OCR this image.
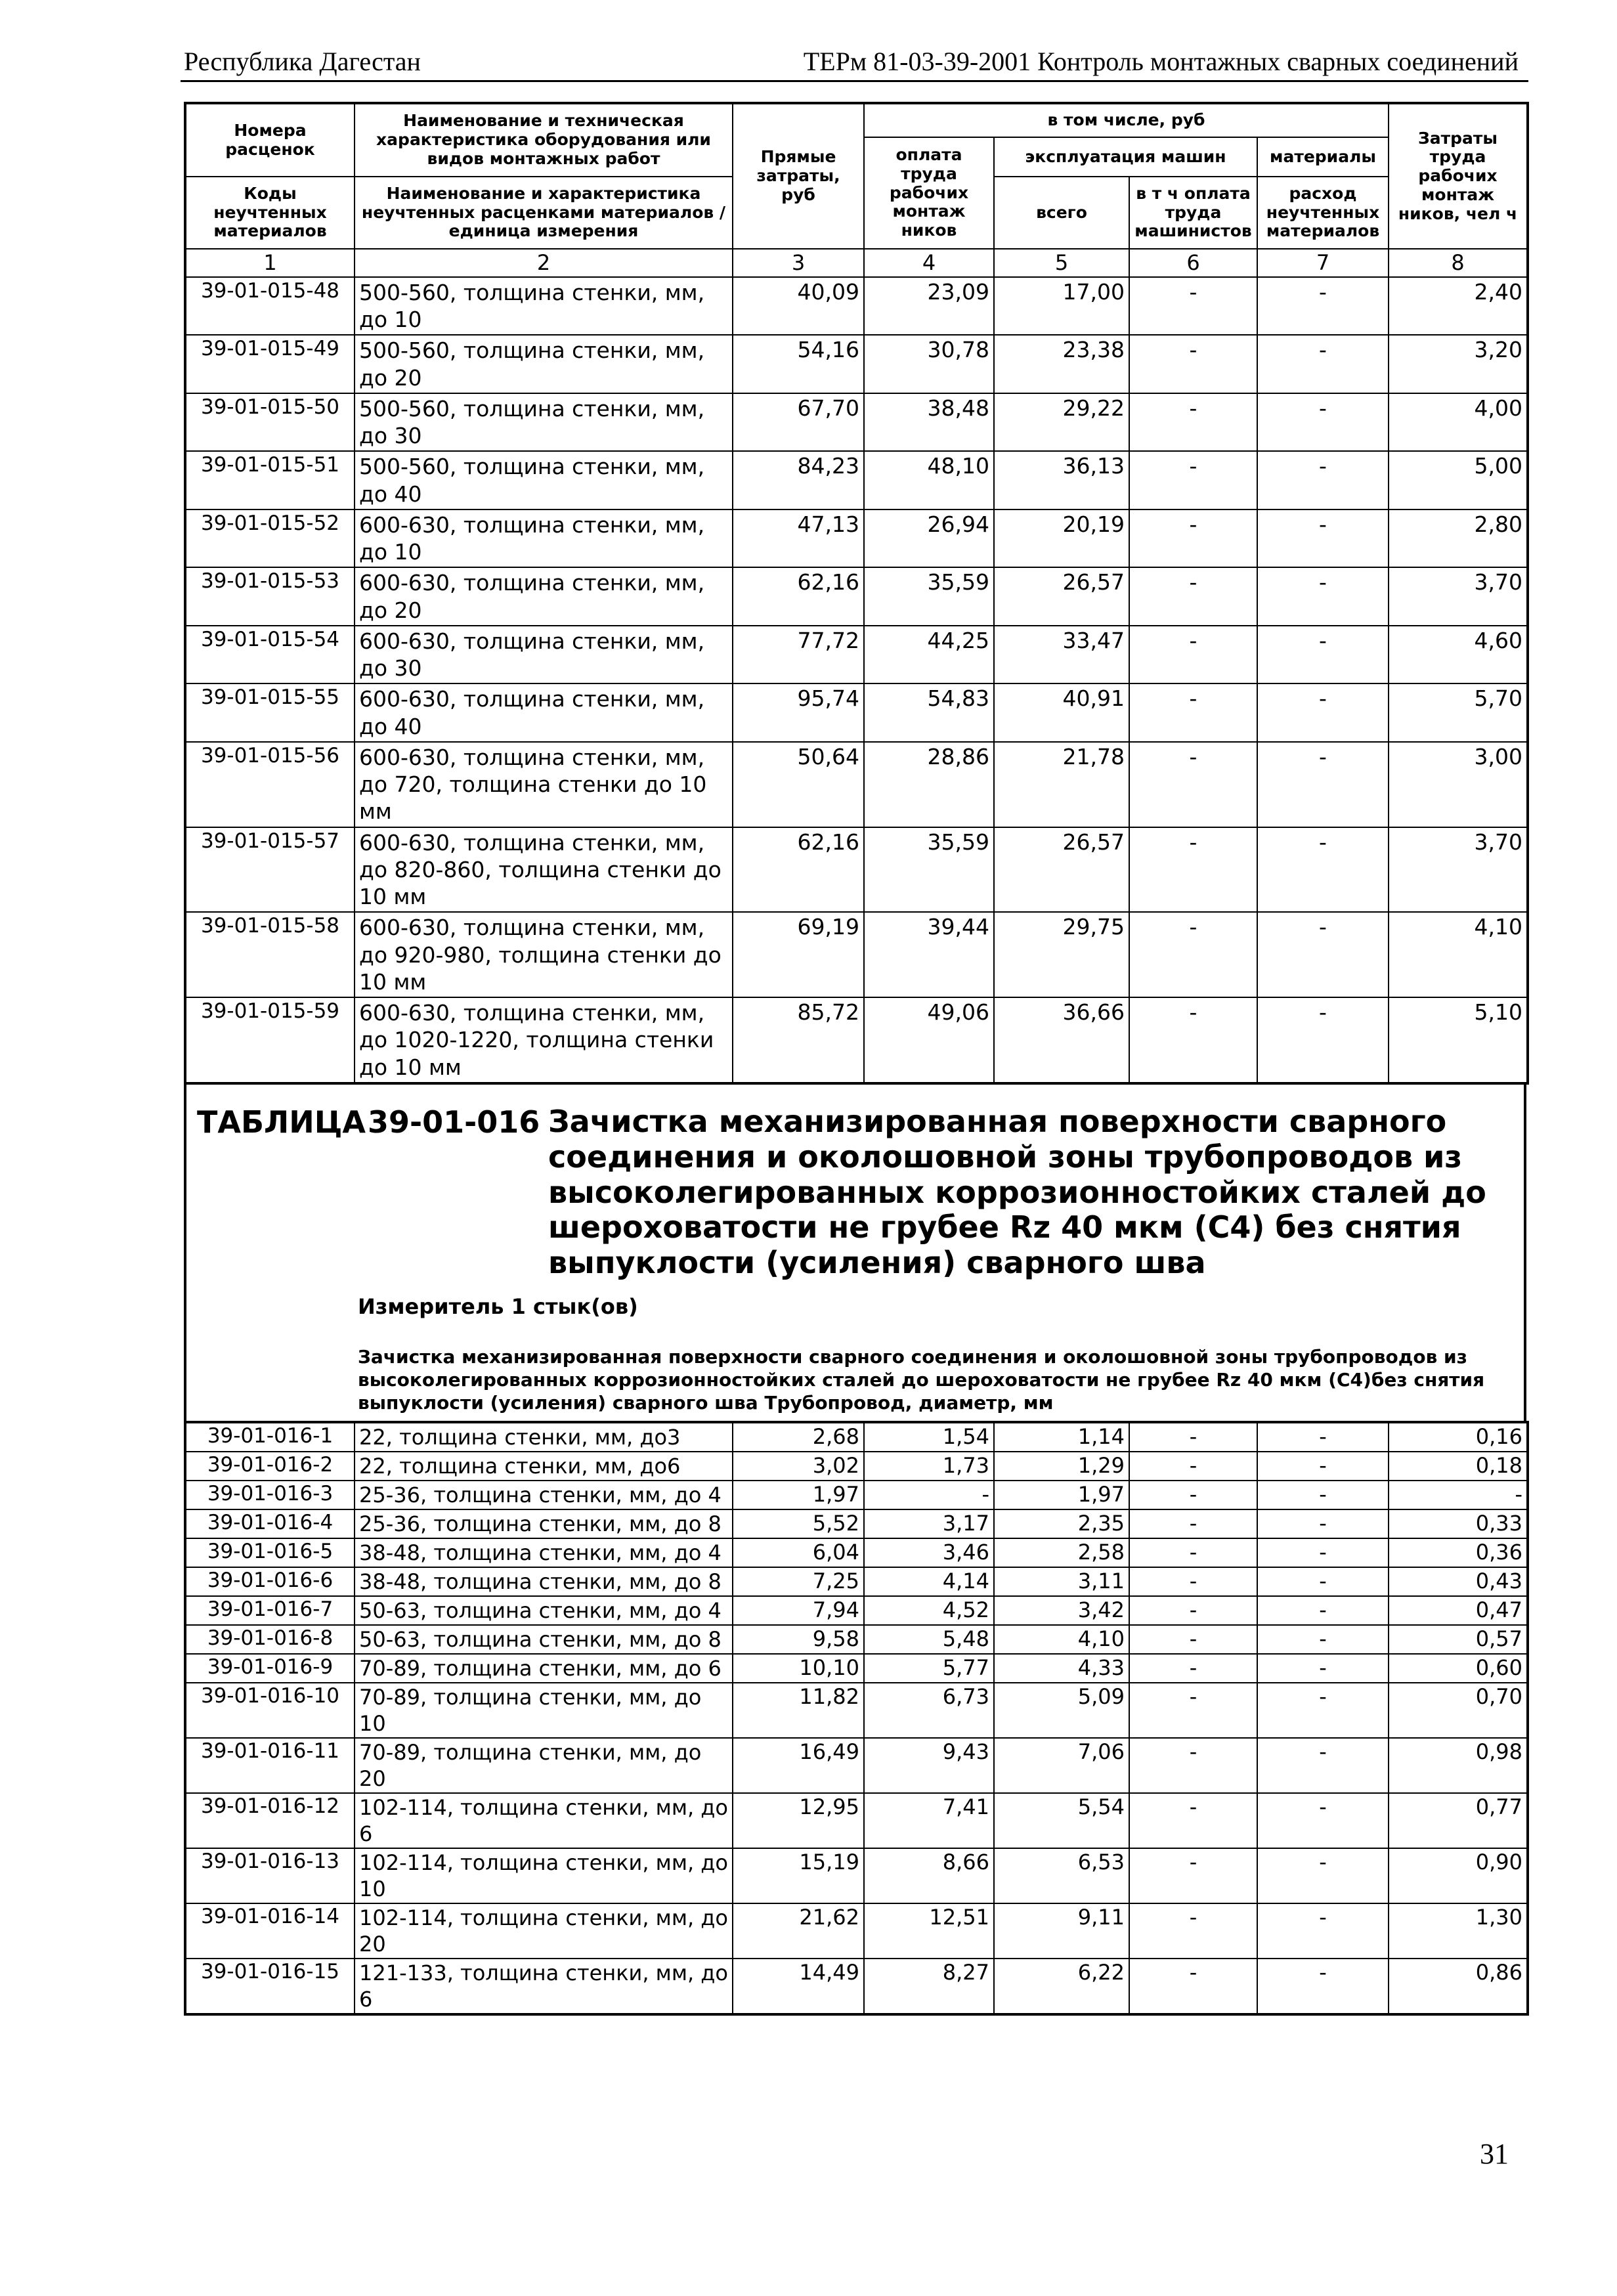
Республика Дагестан	ТЕРм 81-03-39-2001 Контроль монтажных сварных соединений
Номера расценок	Наименование и техническая характеристика оборудования или видов монтажных работ	Прямые затраты, руб	в том числе, руб				Затраты труда рабочих монтаж ников, чел ч
			оплата труда рабочих монтаж ников	эксплуатация машин		материалы	
Коды неучтенных материалов	Наименование и характеристика неучтенных расценками материалов / единица измерения			всего	в т ч оплата труда машинистов	расход неучтенных материалов	

1	2	3	4	5	6	7	8
39-01-015-48	500-560, толщина стенки, мм, до 10	40,09	23,09	17,00	-	-	2,40
39-01-015-49	500-560, толщина стенки, мм, до 20	54,16	30,78	23,38	-	-	3,20
39-01-015-50	500-560, толщина стенки, мм, до 30	67,70	38,48	29,22	-	-	4,00
39-01-015-51	500-560, толщина стенки, мм, до 40	84,23	48,10	36,13	-	-	5,00
39-01-015-52	600-630, толщина стенки, мм, до 10	47,13	26,94	20,19	-	-	2,80
39-01-015-53	600-630, толщина стенки, мм, до 20	62,16	35,59	26,57	-	-	3,70
39-01-015-54	600-630, толщина стенки, мм, до 30	77,72	44,25	33,47	-	-	4,60
39-01-015-55	600-630, толщина стенки, мм, до 40	95,74	54,83	40,91	-	-	5,70
39-01-015-56	600-630, толщина стенки, мм, до 720, толщина стенки до 10 мм	50,64	28,86	21,78	-	-	3,00
39-01-015-57	600-630, толщина стенки, мм, до 820-860, толщина стенки до 10 мм	62,16	35,59	26,57	-	-	3,70
39-01-015-58	600-630, толщина стенки, мм, до 920-980, толщина стенки до 10 мм	69,19	39,44	29,75	-	-	4,10
39-01-015-59	600-630, толщина стенки, мм, до 1020-1220, толщина стенки до 10 мм	85,72	49,06	36,66	-	-	5,10
ТАБЛИЦА 39-01-016 Зачистка механизированная поверхности сварного соединения и околошовной зоны трубопроводов из высоколегированных коррозионностойких сталей до шероховатости не грубее Rz 40 мкм (С4) без снятия выпуклости (усиления) сварного шва
Измеритель 1 стык(ов)
Зачистка механизированная поверхности сварного соединения и околошовной зоны трубопроводов из высоколегированных коррозионностойких сталей до шероховатости не грубее Rz 40 мкм (С4)без снятия выпуклости (усиления) сварного шва Трубопровод, диаметр, мм
39-01-016-1	22, толщина стенки, мм, до3	2,68	1,54	1,14	-	-	0,16
39-01-016-2	22, толщина стенки, мм, до6	3,02	1,73	1,29	-	-	0,18
39-01-016-3	25-36, толщина стенки, мм, до 4	1,97	-	1,97	-	-	-
39-01-016-4	25-36, толщина стенки, мм, до 8	5,52	3,17	2,35	-	-	0,33
39-01-016-5	38-48, толщина стенки, мм, до 4	6,04	3,46	2,58	-	-	0,36
39-01-016-6	38-48, толщина стенки, мм, до 8	7,25	4,14	3,11	-	-	0,43
39-01-016-7	50-63, толщина стенки, мм, до 4	7,94	4,52	3,42	-	-	0,47
39-01-016-8	50-63, толщина стенки, мм, до 8	9,58	5,48	4,10	-	-	0,57
39-01-016-9	70-89, толщина стенки, мм, до 6	10,10	5,77	4,33	-	-	0,60
39-01-016-10	70-89, толщина стенки, мм, до 10	11,82	6,73	5,09	-	-	0,70
39-01-016-11	70-89, толщина стенки, мм, до 20	16,49	9,43	7,06	-	-	0,98
39-01-016-12	102-114, толщина стенки, мм, до 6	12,95	7,41	5,54	-	-	0,77
39-01-016-13	102-114, толщина стенки, мм, до 10	15,19	8,66	6,53	-	-	0,90
39-01-016-14	102-114, толщина стенки, мм, до 20	21,62	12,51	9,11	-	-	1,30
39-01-016-15	121-133, толщина стенки, мм, до 6	14,49	8,27	6,22	-	-	0,86
31
